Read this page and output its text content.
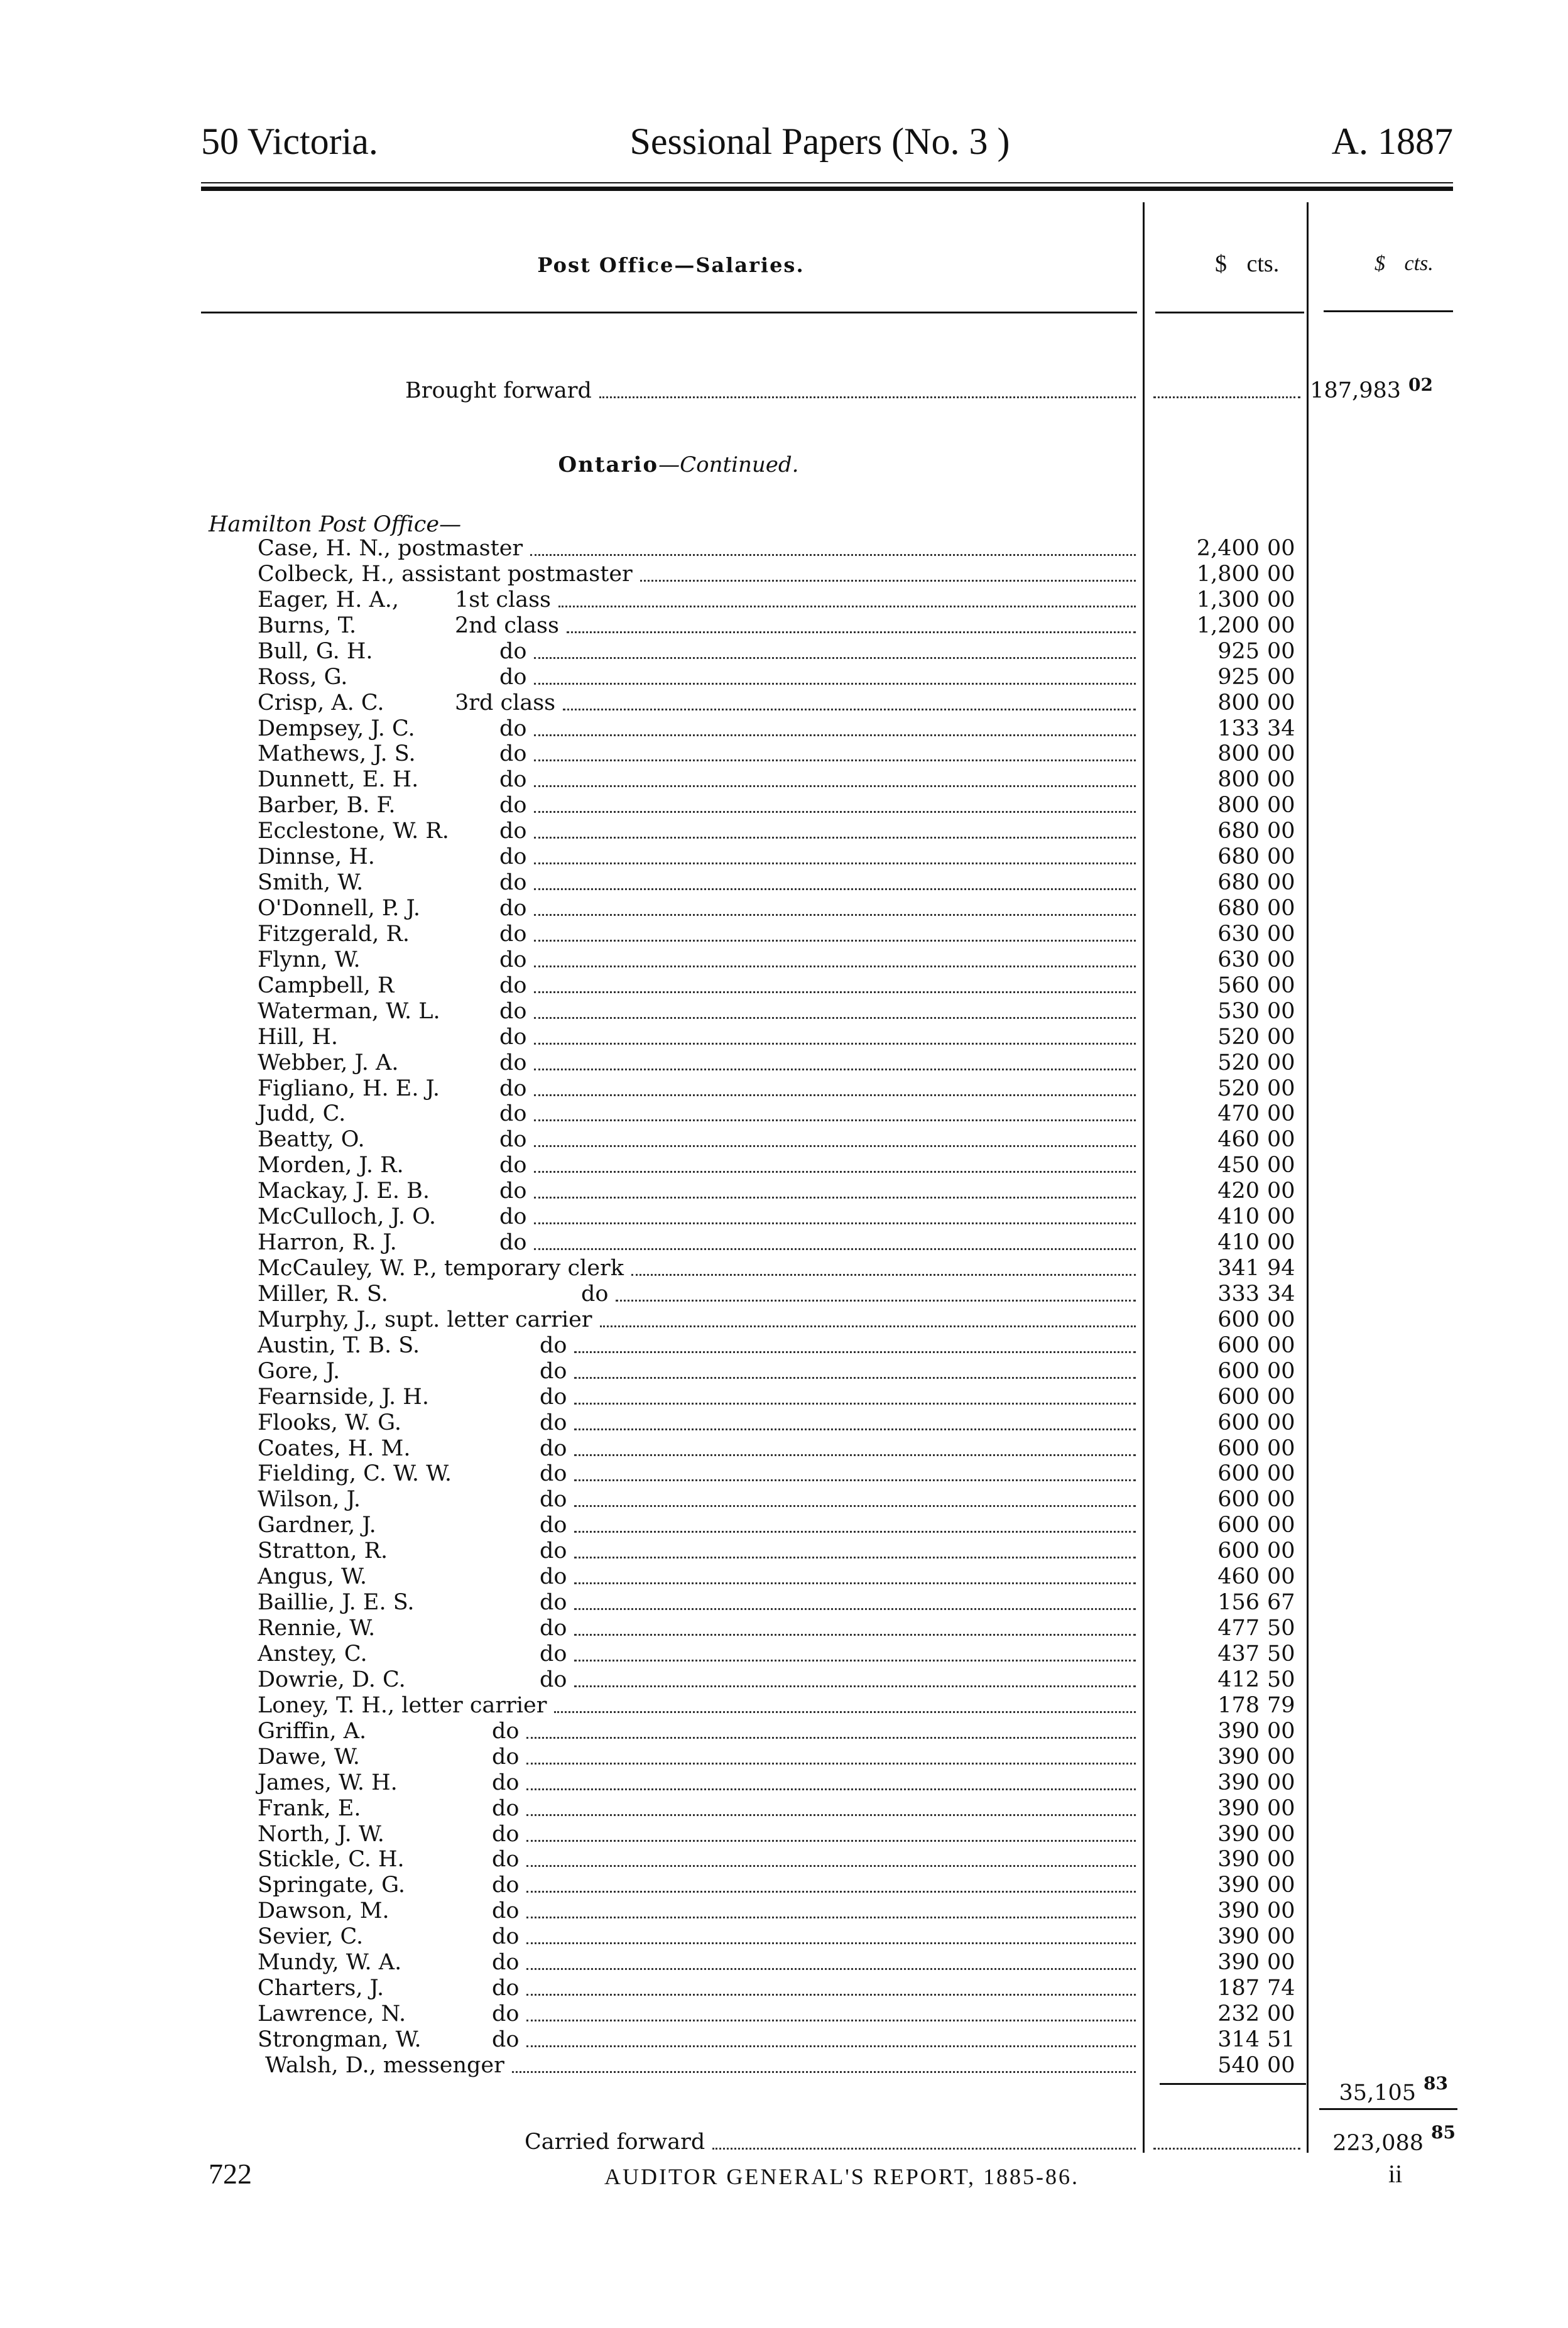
50 Victoria.	Sessional Papers (No. 3 )	A. 1887
Post Office—Salaries.	$ cts.	$ cts.
Brought forward	187,983 02
Ontario—Continued.
Hamilton Post Office—
Case, H. N., postmaster	2,400 00
Colbeck, H., assistant postmaster	1,800 00
Eager, H. A.,	1st class	1,300 00
Burns, T.	2nd class	1,200 00
Bull, G. H.	do	925 00
Ross, G.	do	925 00
Crisp, A. C.	3rd class	800 00
Dempsey, J. C.	do	133 34
Mathews, J. S.	do	800 00
Dunnett, E. H.	do	800 00
Barber, B. F.	do	800 00
Ecclestone, W. R.	do	680 00
Dinnse, H.	do	680 00
Smith, W.	do	680 00
O'Donnell, P. J.	do	680 00
Fitzgerald, R.	do	630 00
Flynn, W.	do	630 00
Campbell, R	do	560 00
Waterman, W. L.	do	530 00
Hill, H.	do	520 00
Webber, J. A.	do	520 00
Figliano, H. E. J.	do	520 00
Judd, C.	do	470 00
Beatty, O.	do	460 00
Morden, J. R.	do	450 00
Mackay, J. E. B.	do	420 00
McCulloch, J. O.	do	410 00
Harron, R. J.	do	410 00
McCauley, W. P., temporary clerk	341 94
Miller, R. S.	do	333 34
Murphy, J., supt. letter carrier	600 00
Austin, T. B. S.	do	600 00
Gore, J.	do	600 00
Fearnside, J. H.	do	600 00
Flooks, W. G.	do	600 00
Coates, H. M.	do	600 00
Fielding, C. W. W.	do	600 00
Wilson, J.	do	600 00
Gardner, J.	do	600 00
Stratton, R.	do	600 00
Angus, W.	do	460 00
Baillie, J. E. S.	do	156 67
Rennie, W.	do	477 50
Anstey, C.	do	437 50
Dowrie, D. C.	do	412 50
Loney, T. H., letter carrier	178 79
Griffin, A.	do	390 00
Dawe, W.	do	390 00
James, W. H.	do	390 00
Frank, E.	do	390 00
North, J. W.	do	390 00
Stickle, C. H.	do	390 00
Springate, G.	do	390 00
Dawson, M.	do	390 00
Sevier, C.	do	390 00
Mundy, W. A.	do	390 00
Charters, J.	do	187 74
Lawrence, N.	do	232 00
Strongman, W.	do	314 51
Walsh, D., messenger	540 00
35,105 83
Carried forward	223,088 85
722	AUDITOR GENERAL'S REPORT, 1885-86.	ii
